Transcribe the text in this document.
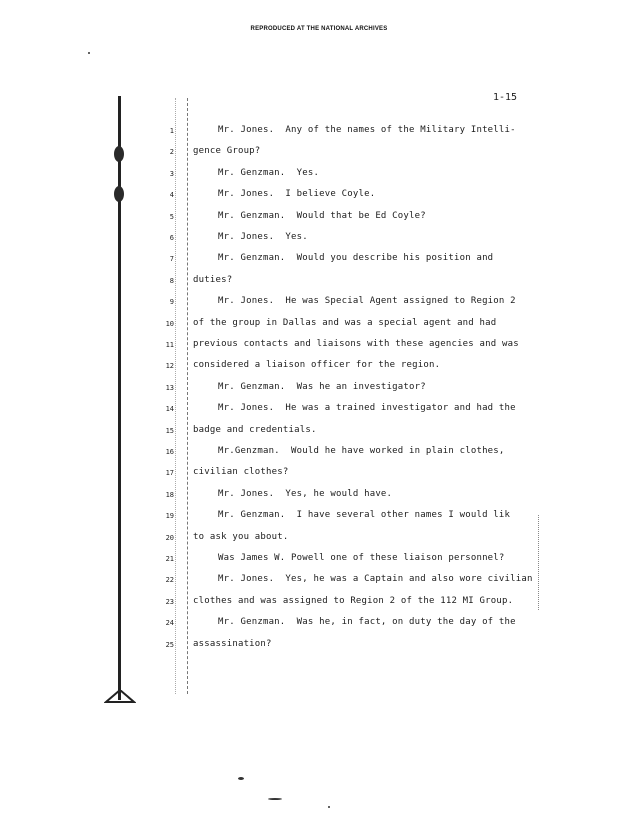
REPRODUCED AT THE NATIONAL ARCHIVES
1-15
1	Mr. Jones.  Any of the names of the Military Intelli-
2 gence Group?
3	Mr. Genzman.  Yes.
4	Mr. Jones.  I believe Coyle.
5	Mr. Genzman.  Would that be Ed Coyle?
6	Mr. Jones.  Yes.
7	Mr. Genzman.  Would you describe his position and
8 duties?
9	Mr. Jones.  He was Special Agent assigned to Region 2
10 of the group in Dallas and was a special agent and had
11 previous contacts and liaisons with these agencies and was
12 considered a liaison officer for the region.
13	Mr. Genzman.  Was he an investigator?
14	Mr. Jones.  He was a trained investigator and had the
15 badge and credentials.
16	Mr.Genzman.  Would he have worked in plain clothes,
17 civilian clothes?
18	Mr. Jones.  Yes, he would have.
19	Mr. Genzman.  I have several other names I would lik
20 to ask you about.
21	Was James W. Powell one of these liaison personnel?
22	Mr. Jones.  Yes, he was a Captain and also wore civilian
23 clothes and was assigned to Region 2 of the 112 MI Group.
24	Mr. Genzman.  Was he, in fact, on duty the day of the
25 assassination?
